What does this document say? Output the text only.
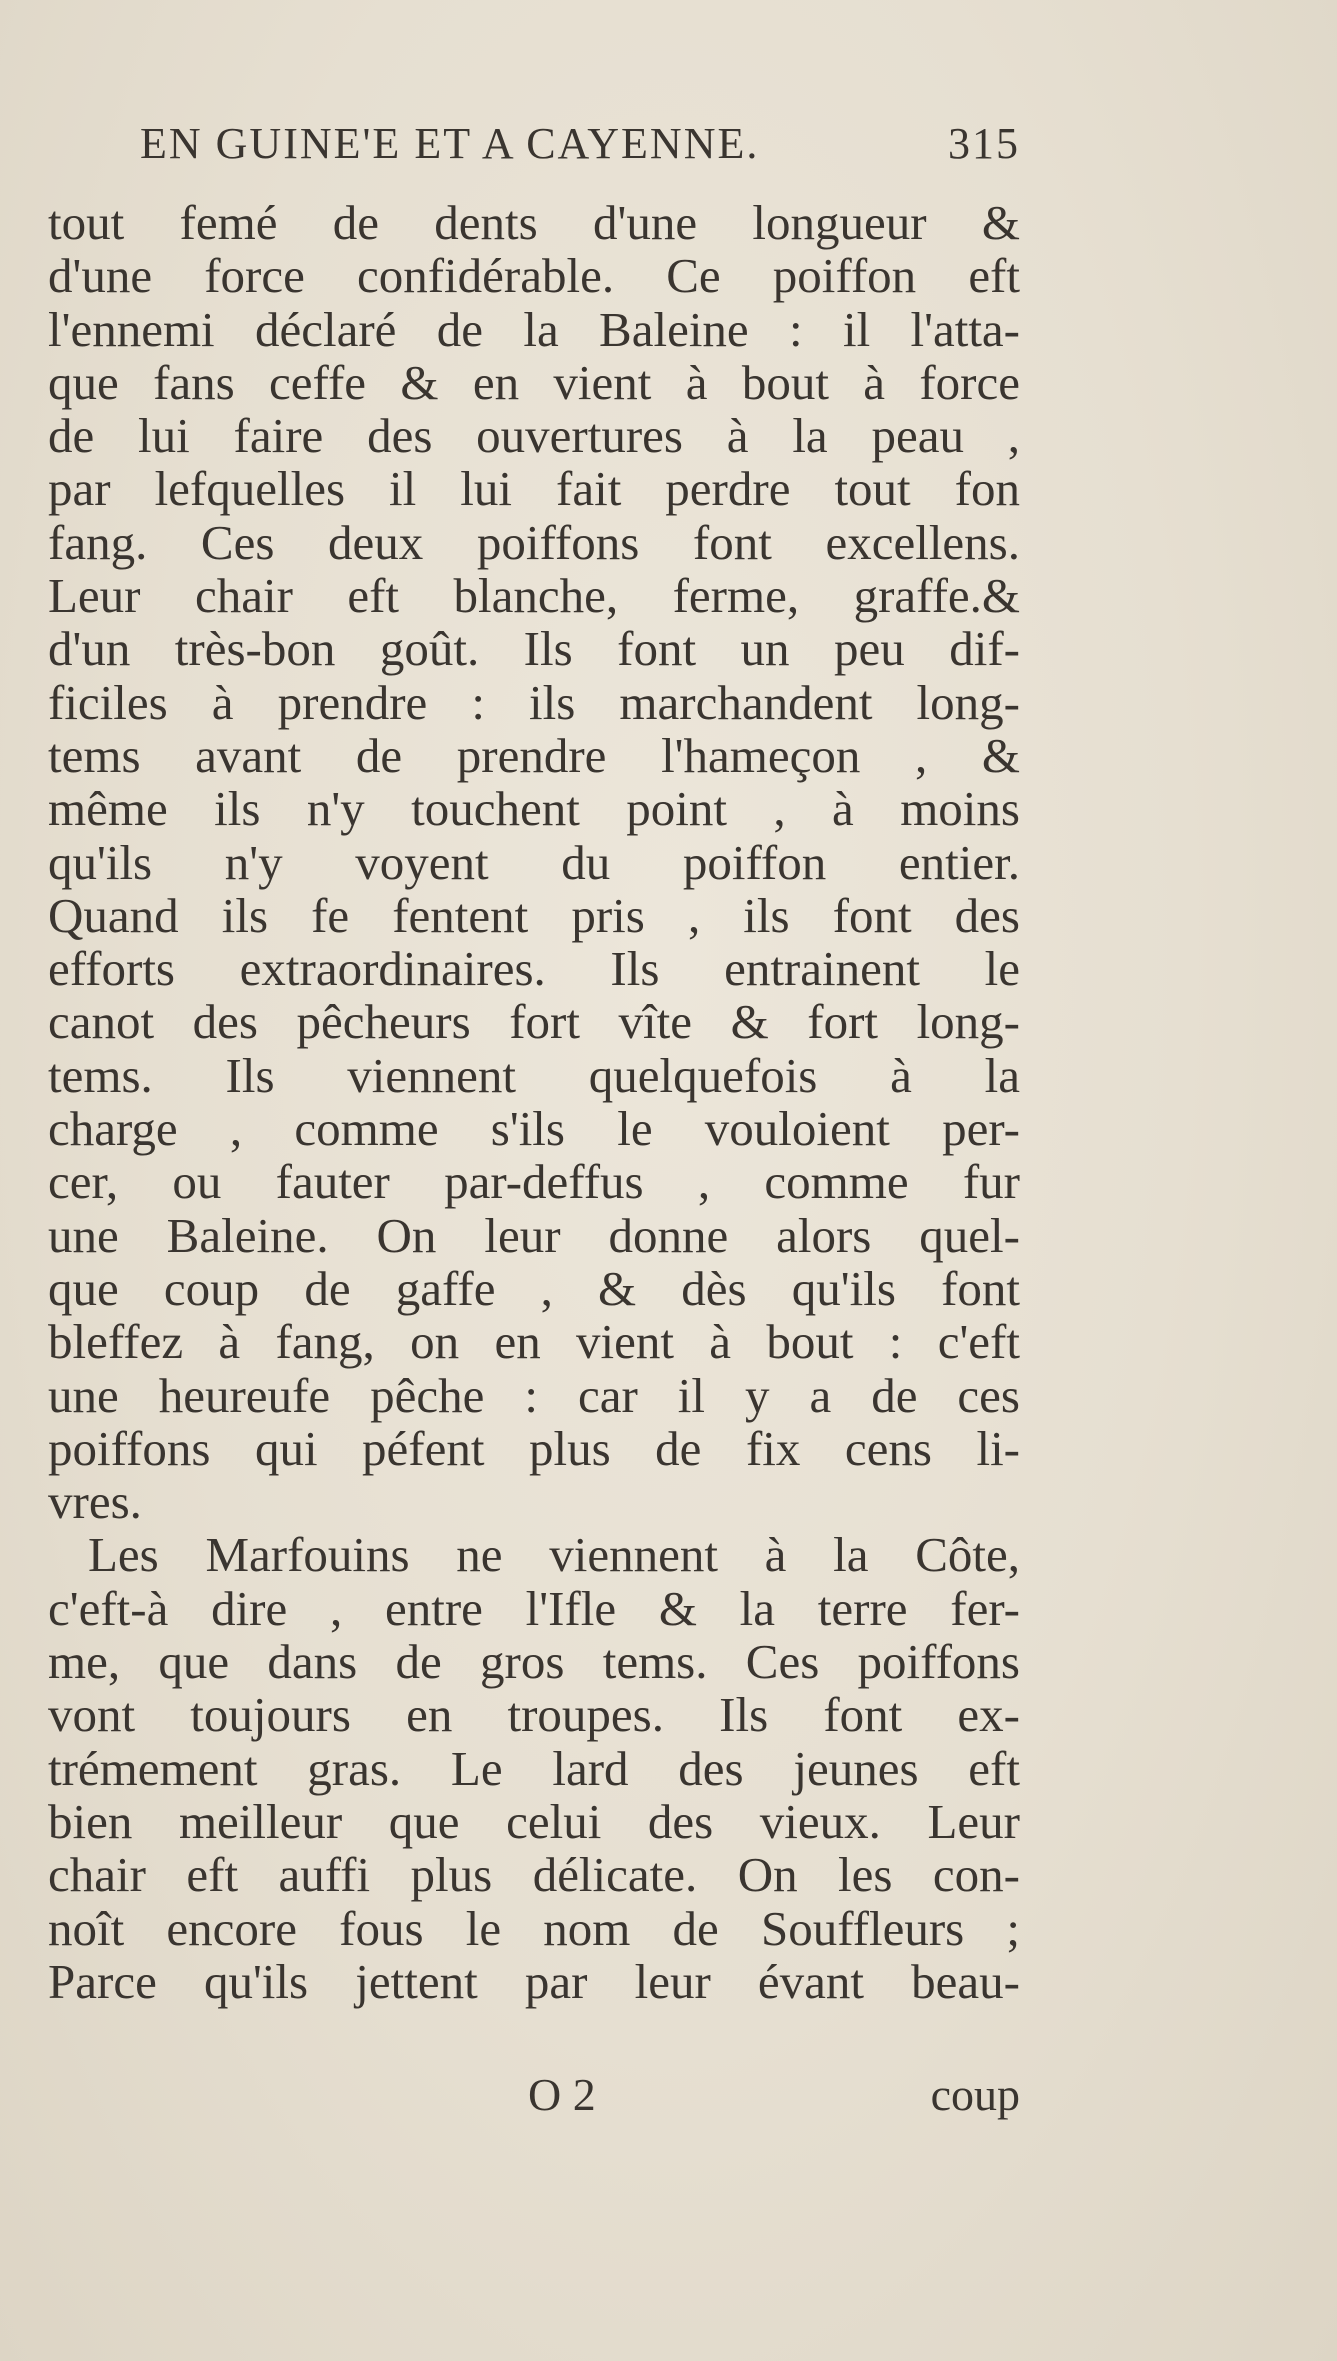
EN GUINE'E ET A CAYENNE.	315
tout femé de dents d'une longueur &
d'une force confidérable. Ce poiffon eft
l'ennemi déclaré de la Baleine : il l'atta-
que fans ceffe & en vient à bout à force
de lui faire des ouvertures à la peau ,
par lefquelles il lui fait perdre tout fon
fang. Ces deux poiffons font excellens.
Leur chair eft blanche, ferme, graffe.&
d'un très-bon goût. Ils font un peu dif-
ficiles à prendre : ils marchandent long-
tems avant de prendre l'hameçon , &
même ils n'y touchent point , à moins
qu'ils n'y voyent du poiffon entier.
Quand ils fe fentent pris , ils font des
efforts extraordinaires. Ils entrainent le
canot des pêcheurs fort vîte & fort long-
tems. Ils viennent quelquefois à la
charge , comme s'ils le vouloient per-
cer, ou fauter par-deffus , comme fur
une Baleine. On leur donne alors quel-
que coup de gaffe , & dès qu'ils font
bleffez à fang, on en vient à bout : c'eft
une heureufe pêche : car il y a de ces
poiffons qui péfent plus de fix cens li-
vres.
Les Marfouins ne viennent à la Côte,
c'eft-à dire , entre l'Ifle & la terre fer-
me, que dans de gros tems. Ces poiffons
vont toujours en troupes. Ils font ex-
trémement gras. Le lard des jeunes eft
bien meilleur que celui des vieux. Leur
chair eft auffi plus délicate. On les con-
noît encore fous le nom de Souffleurs ;
Parce qu'ils jettent par leur évant beau-
O 2	coup
